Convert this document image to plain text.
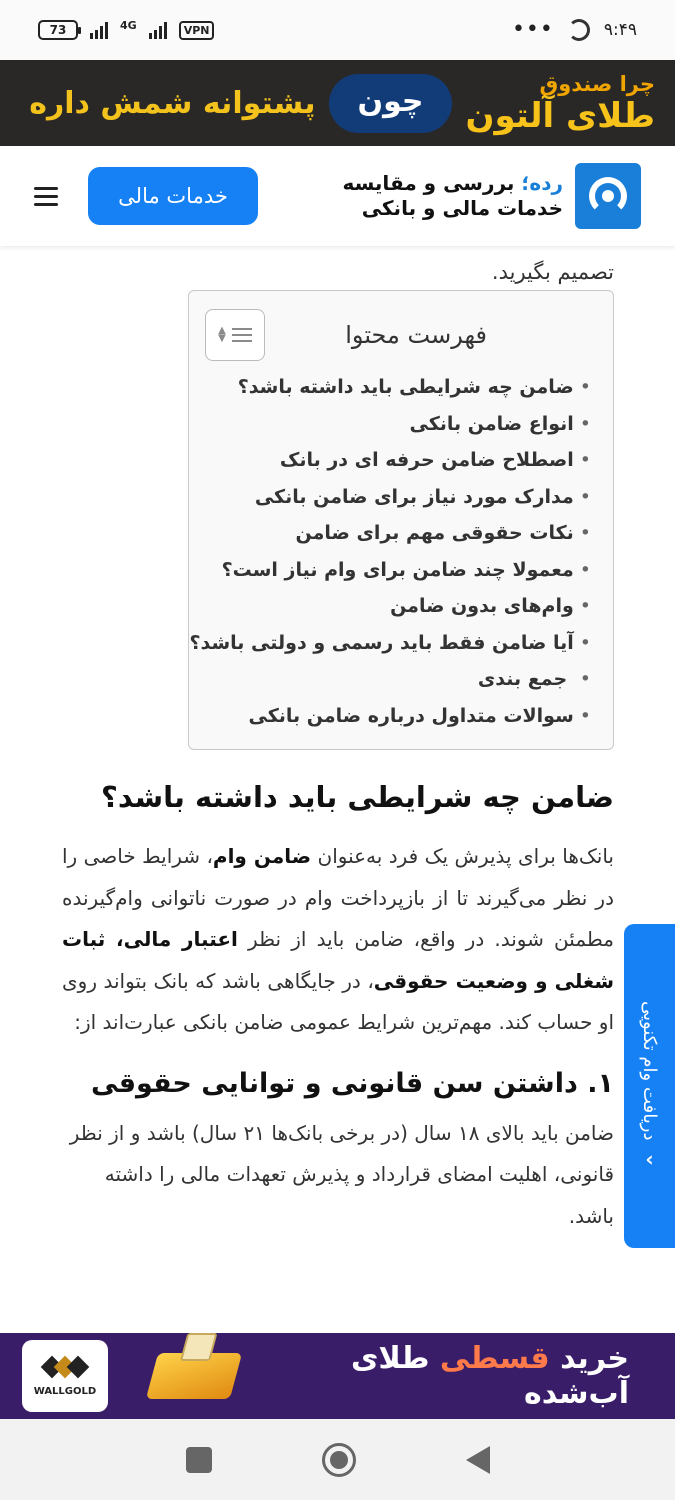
73	4G	VPN	•••	۹:۴۹
چرا صندوق
طلای آلتون
چون
پشتوانه شمش داره
رده؛ بررسی و مقایسه
خدمات مالی و بانکی
خدمات مالی
تصمیم بگیرید.
فهرست محتوا
▲
▼
• ضامن چه شرایطی باید داشته باشد؟
• انواع ضامن بانکی
• اصطلاح ضامن حرفه ای در بانک
• مدارک مورد نیاز برای ضامن بانکی
• نکات حقوقی مهم برای ضامن
• معمولا چند ضامن برای وام نیاز است؟
• وام‌های بدون ضامن
• آیا ضامن فقط باید رسمی و دولتی باشد؟
• جمع بندی
• سوالات متداول درباره ضامن بانکی
ضامن چه شرایطی باید داشته باشد؟

بانک‌ها برای پذیرش یک فرد به‌عنوان ضامن وام، شرایط خاصی را در نظر می‌گیرند تا از بازپرداخت وام در صورت ناتوانی وام‌گیرنده مطمئن شوند. در واقع، ضامن باید از نظر اعتبار مالی، ثبات شغلی و وضعیت حقوقی، در جایگاهی باشد که بانک بتواند روی او حساب کند. مهم‌ترین شرایط عمومی ضامن بانکی عبارت‌اند از:

۱. داشتن سن قانونی و توانایی حقوقی

ضامن باید بالای ۱۸ سال (در برخی بانک‌ها ۲۱ سال) باشد و از نظر قانونی، اهلیت امضای قرارداد و پذیرش تعهدات مالی را داشته باشد.

دریافت وام تکنویی
‹
WALLGOLD
خرید قسطی طلای آب‌شده
